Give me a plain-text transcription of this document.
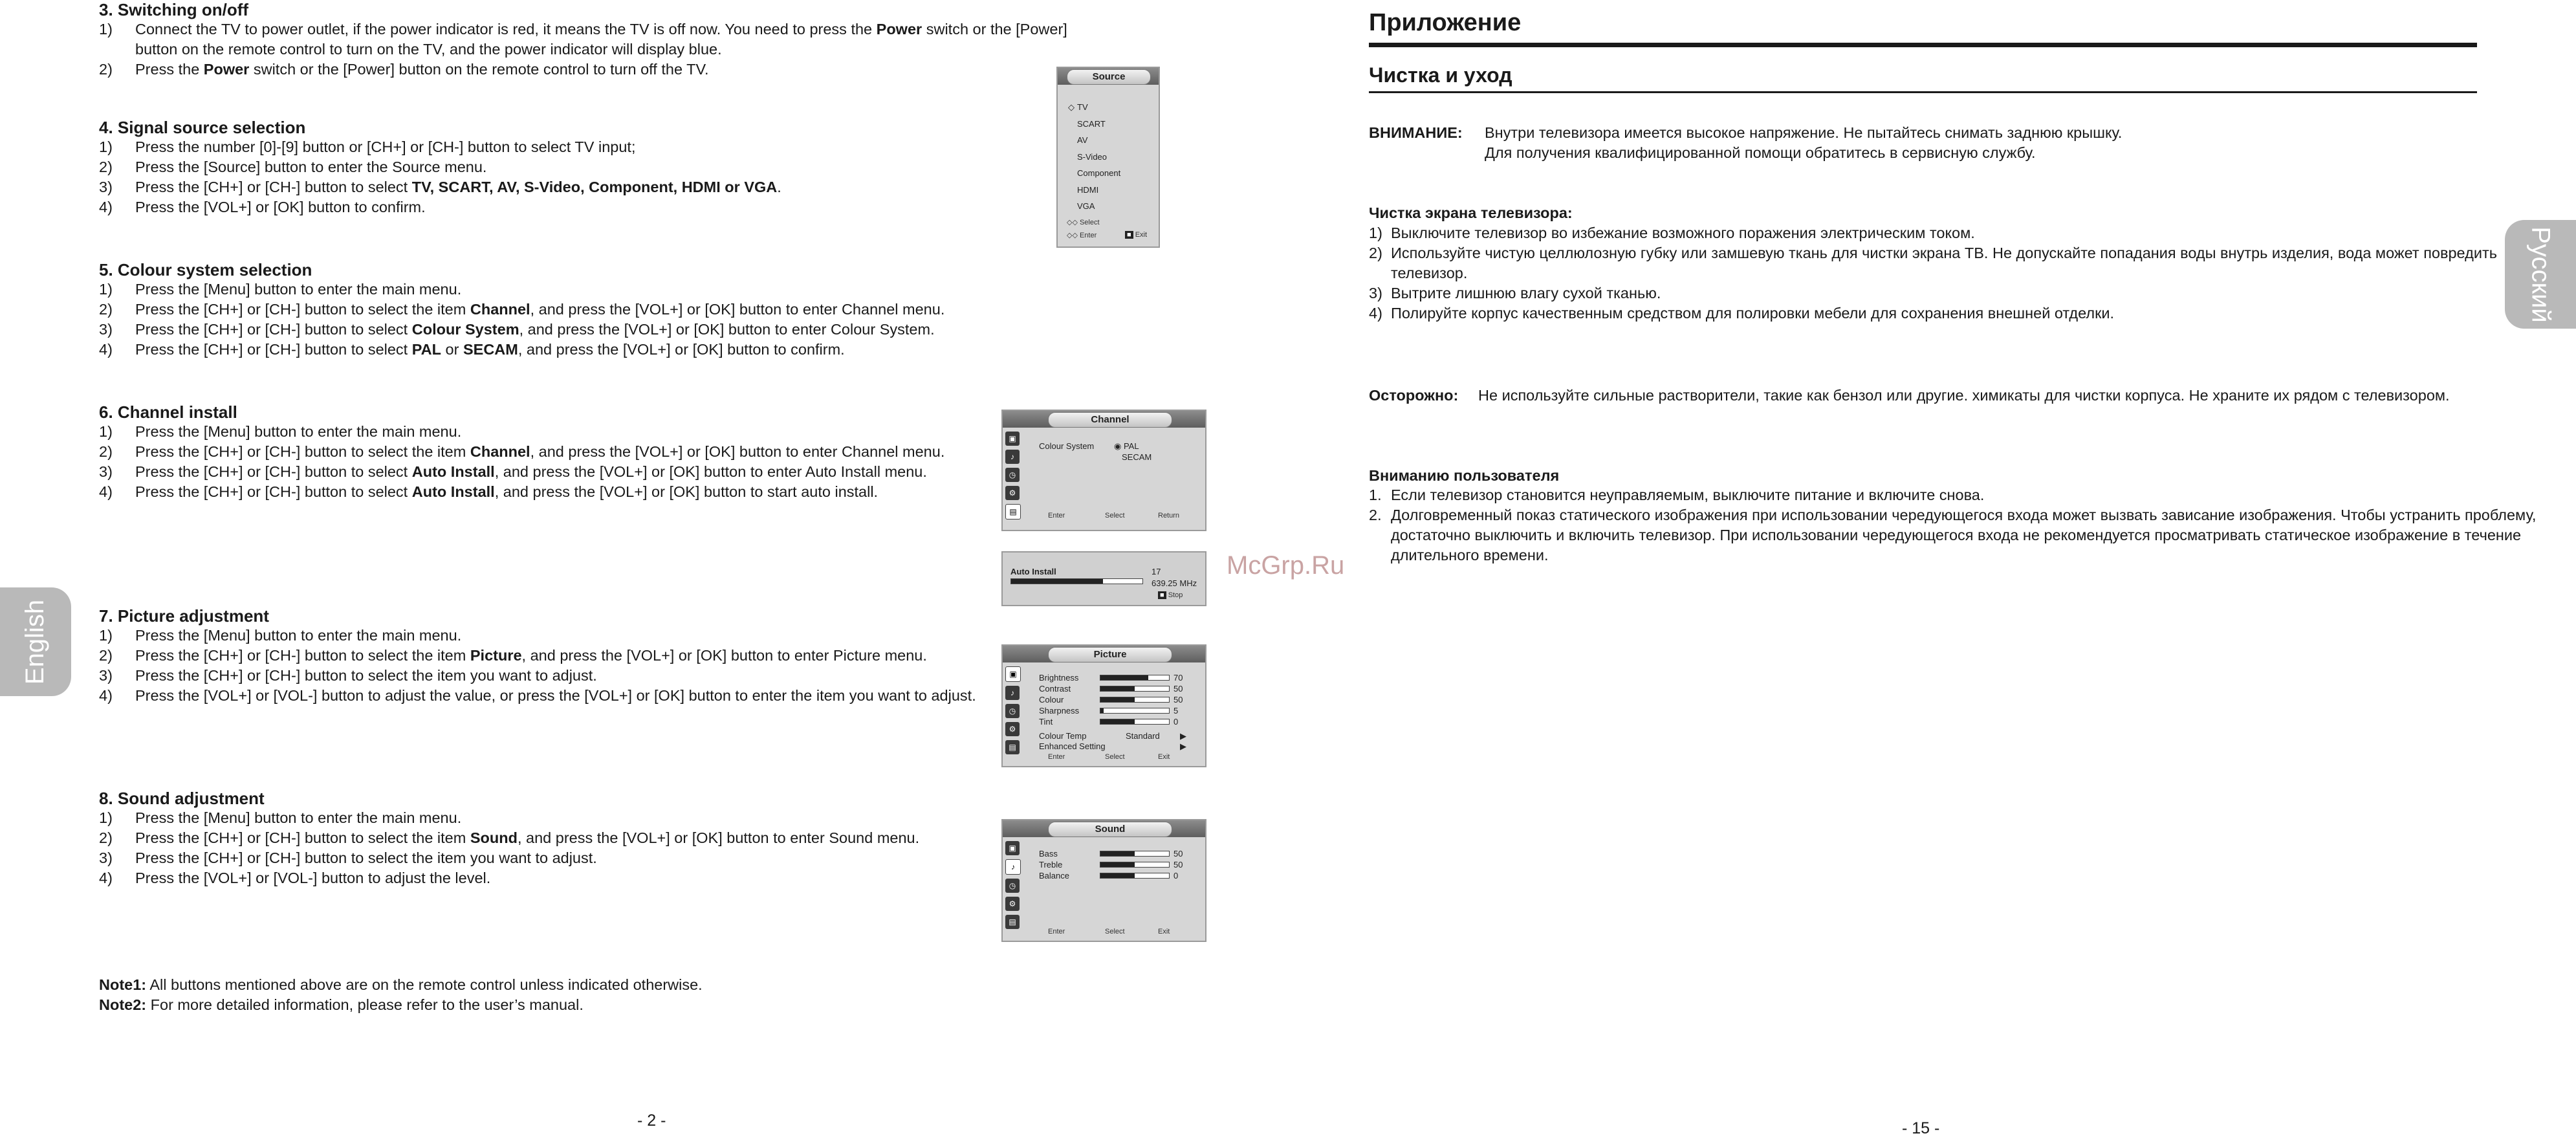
3. Switching on/off
1) Connect the TV to power outlet, if the power indicator is red, it means the TV is off now. You need to press the Power switch or the [Power] button on the remote control to turn on the TV, and the power indicator will display blue.
2) Press the Power switch or the [Power] button on the remote control to turn off the TV.
4. Signal source selection
1) Press the number [0]-[9] button or [CH+] or [CH-] button to select TV input;
2) Press the [Source] button to enter the Source menu.
3) Press the [CH+] or [CH-] button to select TV, SCART, AV, S-Video, Component, HDMI or VGA.
4) Press the [VOL+] or [OK] button to confirm.
5. Colour system selection
1) Press the [Menu] button to enter the main menu.
2) Press the [CH+] or [CH-] button to select the item Channel, and press the [VOL+] or [OK] button to enter Channel menu.
3) Press the [CH+] or [CH-] button to select Colour System, and press the [VOL+] or [OK] button to enter Colour System.
4) Press the [CH+] or [CH-] button to select PAL or SECAM, and press the [VOL+] or [OK] button to confirm.
6. Channel install
1) Press the [Menu] button to enter the main menu.
2) Press the [CH+] or [CH-] button to select the item Channel, and press the [VOL+] or [OK] button to enter Channel menu.
3) Press the [CH+] or [CH-] button to select Auto Install, and press the [VOL+] or [OK] button to enter Auto Install menu.
4) Press the [CH+] or [CH-] button to select Auto Install, and press the [VOL+] or [OK] button to start auto install.
7. Picture adjustment
1) Press the [Menu] button to enter the main menu.
2) Press the [CH+] or [CH-] button to select the item Picture, and press the [VOL+] or [OK] button to enter Picture menu.
3) Press the [CH+] or [CH-] button to select the item you want to adjust.
4) Press the [VOL+] or [VOL-] button to adjust the value, or press the [VOL+] or [OK] button to enter the item you want to adjust.
8. Sound adjustment
1) Press the [Menu] button to enter the main menu.
2) Press the [CH+] or [CH-] button to select the item Sound, and press the [VOL+] or [OK] button to enter Sound menu.
3) Press the [CH+] or [CH-] button to select the item you want to adjust.
4) Press the [VOL+] or [VOL-] button to adjust the level.
Note1: All buttons mentioned above are on the remote control unless indicated otherwise.
Note2: For more detailed information, please refer to the user’s manual.
- 2 -
English
Source
◇ TV
SCART
AV
S-Video
Component
HDMI
VGA
◇◇ Select
◇◇ Enter	■ Exit
Channel
▣
♪
◷
⚙
▤
Colour System ◉ PAL
SECAM
Enter	Select	Return
Auto Install	17
639.25 MHz
■ Stop
Picture
▣
♪
◷
⚙
▤
Brightness	70
Contrast	50
Colour	50
Sharpness	5
Tint	0
Colour Temp	Standard ▶
Enhanced Setting	▶
Enter	Select	Exit
Sound
▣
♪
◷
⚙
▤
Bass	50
Treble	50
Balance	0
Enter	Select	Exit
McGrp.Ru
Приложение
Чистка и уход
ВНИМАНИЕ: Внутри телевизора имеется высокое напряжение. Не пытайтесь снимать заднюю крышку.
Для получения квалифицированной помощи обратитесь в сервисную службу.
Чистка экрана телевизора:
1) Выключите телевизор во избежание возможного поражения электрическим током.
2) Используйте чистую целлюлозную губку или замшевую ткань для чистки экрана ТВ. Не допускайте попадания воды внутрь изделия, вода может повредить телевизор.
3) Вытрите лишнюю влагу сухой тканью.
4) Полируйте корпус качественным средством для полировки мебели для сохранения внешней отделки.
Осторожно: Не используйте сильные растворители, такие как бензол или другие. химикаты для чистки корпуса. Не храните их рядом с телевизором.
Вниманию пользователя
1. Если телевизор становится неуправляемым, выключите питание и включите снова.
2. Долговременный показ статического изображения при использовании чередующегося входа может вызвать зависание изображения. Чтобы устранить проблему, достаточно выключить и включить телевизор. При использовании чередующегося входа не рекомендуется просматривать статическое изображение в течение длительного времени.
- 15 -
Русский
